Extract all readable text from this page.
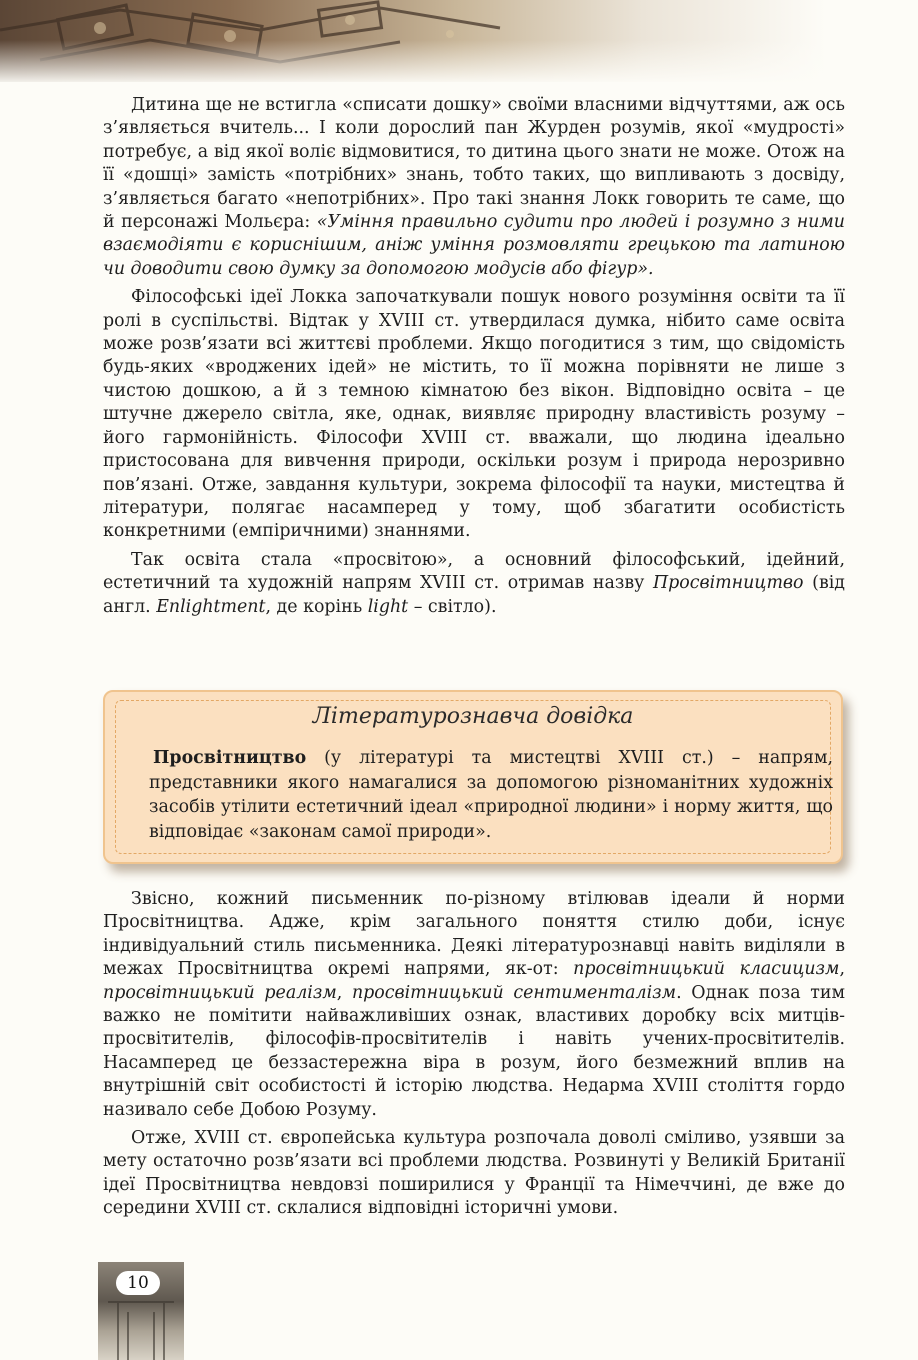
Дитина ще не встигла «списати дошку» своїми власними відчуттями, аж ось з’являється вчитель... І коли дорослий пан Журден розумів, якої «мудрості» потребує, а від якої воліє відмовитися, то дитина цього знати не може. Отож на її «дошці» замість «потрібних» знань, тобто таких, що випливають з досвіду, з’являється багато «непотрібних». Про такі знання Локк говорить те саме, що й персонажі Мольєра: «Уміння правильно судити про людей і розумно з ними взаємодіяти є кориснішим, аніж уміння розмовляти грецькою та латиною чи доводити свою думку за допомогою модусів або фігур».

Філософські ідеї Локка започаткували пошук нового розуміння освіти та її ролі в суспільстві. Відтак у XVIII ст. утвердилася думка, нібито саме освіта може розв’язати всі життєві проблеми. Якщо погодитися з тим, що свідомість будь-яких «вроджених ідей» не містить, то її можна порівняти не лише з чистою дошкою, а й з темною кімнатою без вікон. Відповідно освіта – це штучне джерело світла, яке, однак, виявляє природну властивість розуму – його гармонійність. Філософи XVIII ст. вважали, що людина ідеально пристосована для вивчення природи, оскільки розум і природа нерозривно пов’язані. Отже, завдання культури, зокрема філософії та науки, мистецтва й літератури, полягає насамперед у тому, щоб збагатити особистість конкретними (емпіричними) знаннями.

Так освіта стала «просвітою», а основний філософський, ідейний, естетичний та художній напрям XVIII ст. отримав назву Просвітництво (від англ. Enlightment, де корінь light – світло).

Літературознавча довідка
Просвітництво (у літературі та мистецтві XVIII ст.) – напрям, представники якого намагалися за допомогою різноманітних художніх засобів утілити естетичний ідеал «природної людини» і норму життя, що відповідає «законам самої природи».

Звісно, кожний письменник по-різному втілював ідеали й норми Просвітництва. Адже, крім загального поняття стилю доби, існує індивідуальний стиль письменника. Деякі літературознавці навіть виділяли в межах Просвітництва окремі напрями, як-от: просвітницький класицизм, просвітницький реалізм, просвітницький сентименталізм. Однак поза тим важко не помітити найважливіших ознак, властивих доробку всіх митців-просвітителів, філософів-просвітителів і навіть учених-просвітителів. Насамперед це беззастережна віра в розум, його безмежний вплив на внутрішній світ особистості й історію людства. Недарма XVIII століття гордо називало себе Добою Розуму.

Отже, XVIII ст. європейська культура розпочала доволі сміливо, узявши за мету остаточно розв’язати всі проблеми людства. Розвинуті у Великій Британії ідеї Просвітництва невдовзі поширилися у Франції та Німеччині, де вже до середини XVIII ст. склалися відповідні історичні умови.

10
